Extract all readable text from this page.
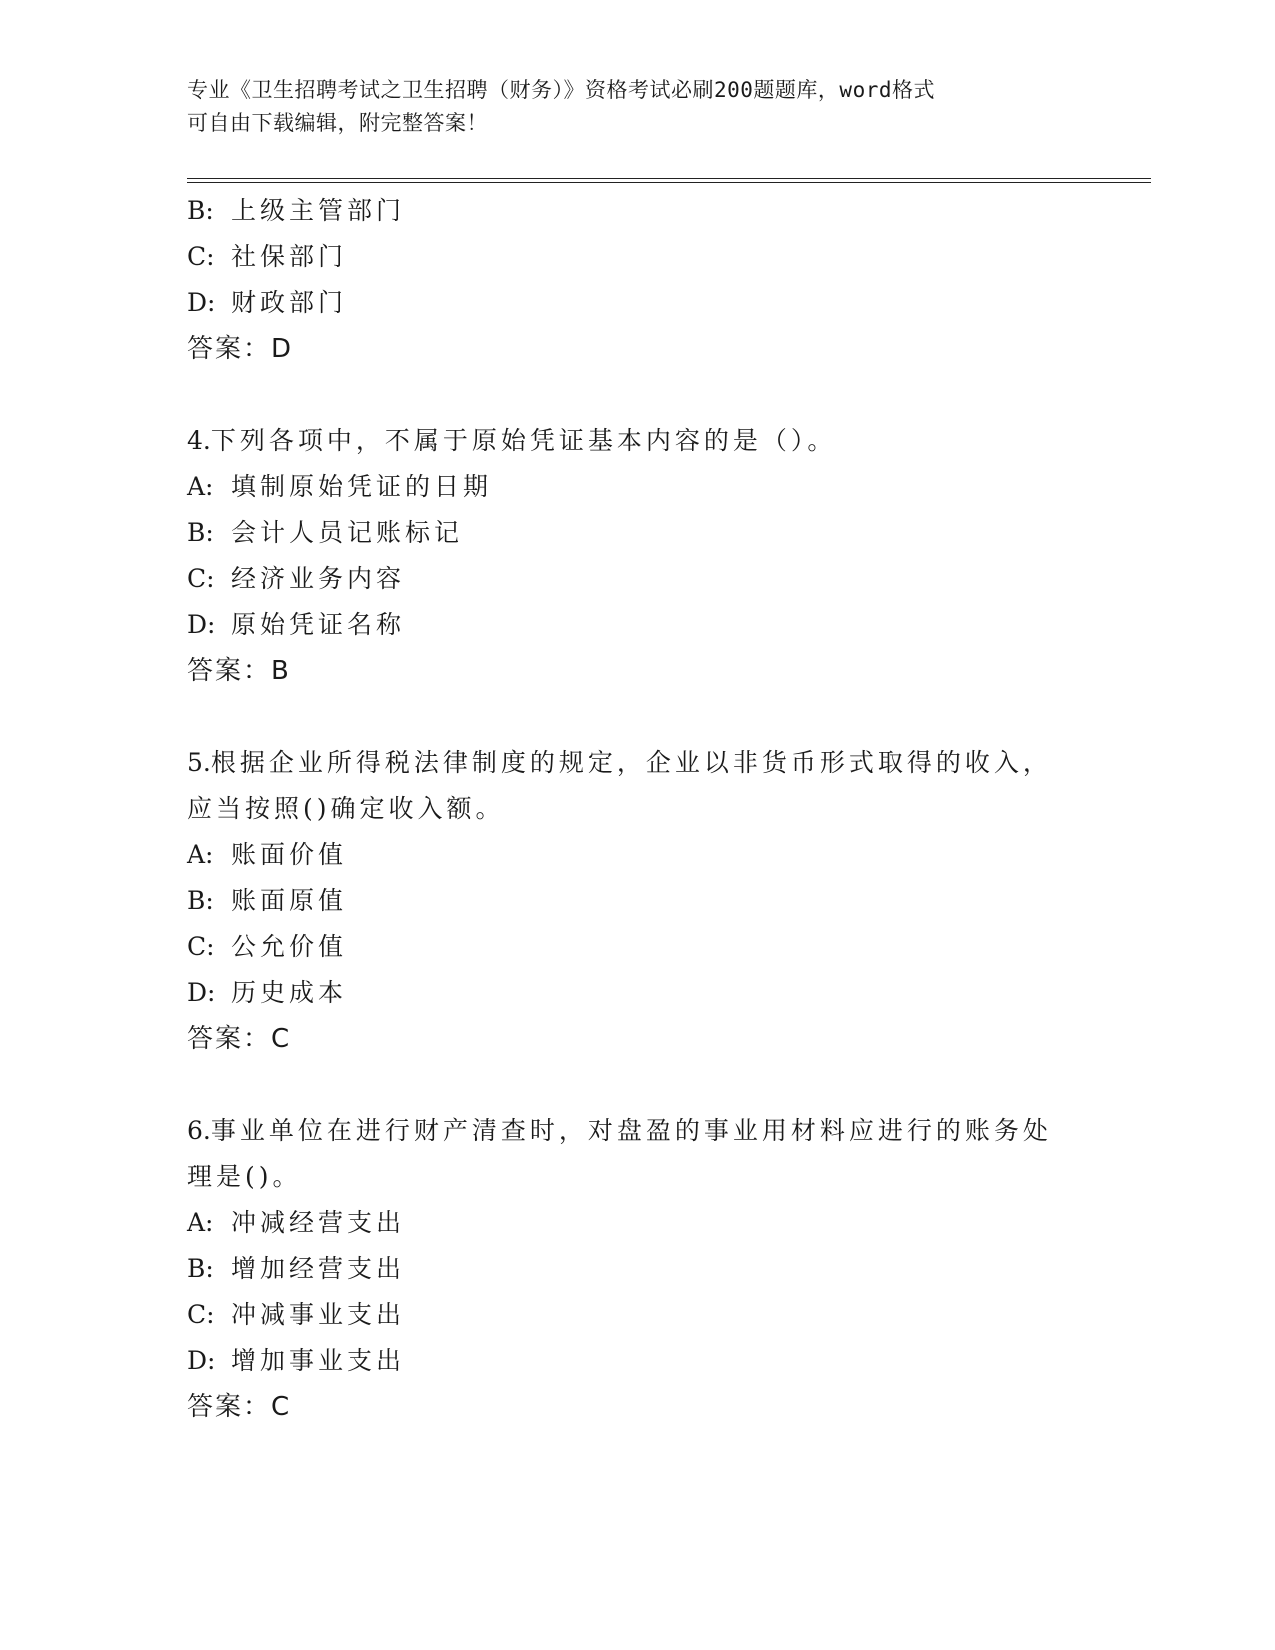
专业《卫生招聘考试之卫生招聘（财务）》资格考试必刷200题题库，word格式
可自由下载编辑，附完整答案！
B: 上级主管部门
C: 社保部门
D: 财政部门
答案：D
4.下列各项中，不属于原始凭证基本内容的是（）。
A: 填制原始凭证的日期
B: 会计人员记账标记
C: 经济业务内容
D: 原始凭证名称
答案：B
5.根据企业所得税法律制度的规定，企业以非货币形式取得的收入，
应当按照()确定收入额。
A: 账面价值
B: 账面原值
C: 公允价值
D: 历史成本
答案：C
6.事业单位在进行财产清查时，对盘盈的事业用材料应进行的账务处
理是()。
A: 冲减经营支出
B: 增加经营支出
C: 冲减事业支出
D: 增加事业支出
答案：C
